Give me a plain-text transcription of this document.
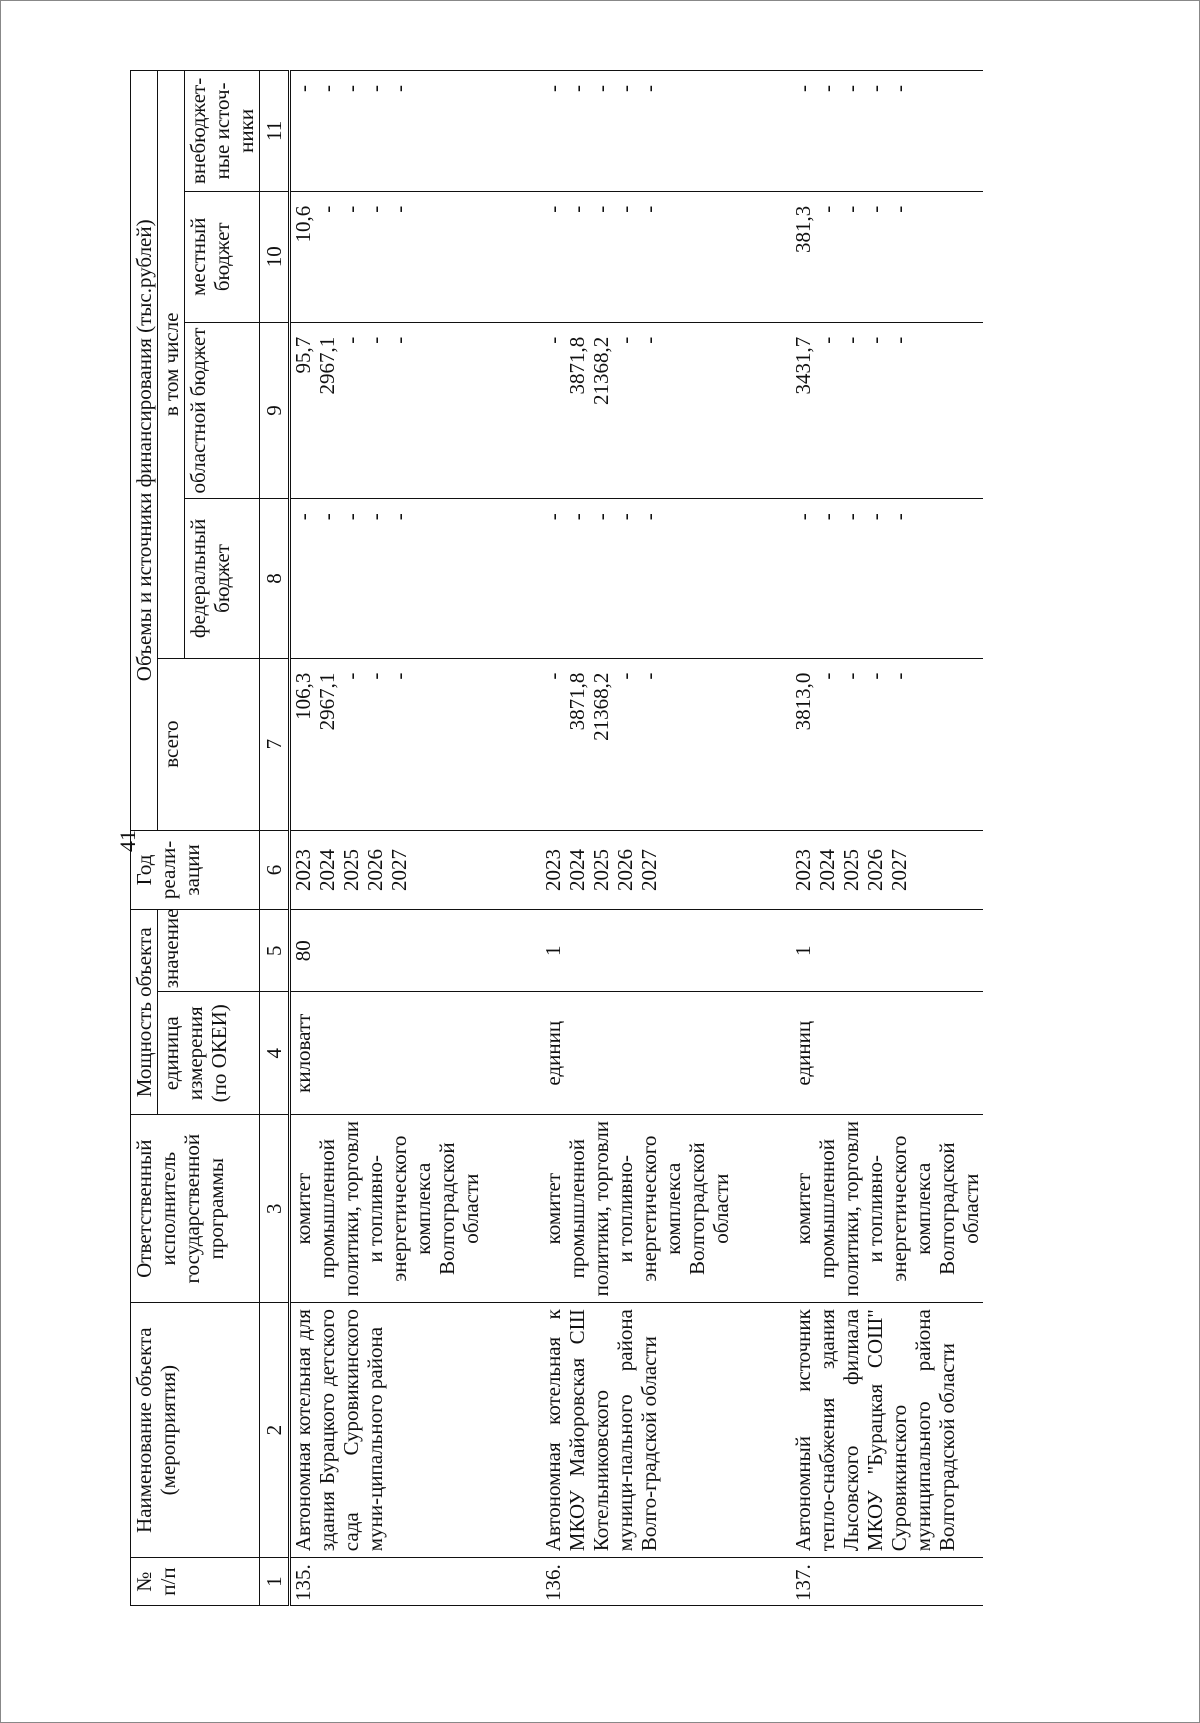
41
№
п/п	Наименование объекта (мероприятия)	Ответственный исполнитель государственной программы	Мощность объекта		Год реали-зации	Объемы и источники финансирования (тыс.рублей)				
			единица измерения (по ОКЕИ)	значение		всего	в том числе			
							федеральный бюджет	областной бюджет	местный бюджет	внебюджет-ные источ-ники
1	2	3	4	5	6	7	8	9	10	11
135.	Автономная котельная для здания Бурацкого детского сада Суровикинского муни-ципального района	комитет промышленной политики, торговли и топливно-энергетического комплекса Волгоградской области	киловатт	80	2023 2024 2025 2026 2027	106,3 2967,1 - - -	- - - - -	95,7 2967,1 - - -	10,6 - - - -	- - - - -

136.	Автономная котельная к МКОУ Майоровская СШ Котельниковского муници-пального района Волго-градской области	комитет промышленной политики, торговли и топливно-энергетического комплекса Волгоградской области	единиц	1	2023 2024 2025 2026 2027	- 3871,8 21368,2 - -	- - - - -	- 3871,8 21368,2 - -	- - - - -	- - - - -

137.	Автономный источник тепло-снабжения здания Лысовского филиала МКОУ "Бурацкая СОШ" Суровикинского муниципального района Волгоградской области	комитет промышленной политики, торговли и топливно-энергетического комплекса Волгоградской области	единиц	1	2023 2024 2025 2026 2027	3813,0 - - - -	- - - - -	3431,7 - - - -	381,3 - - - -	- - - - -
